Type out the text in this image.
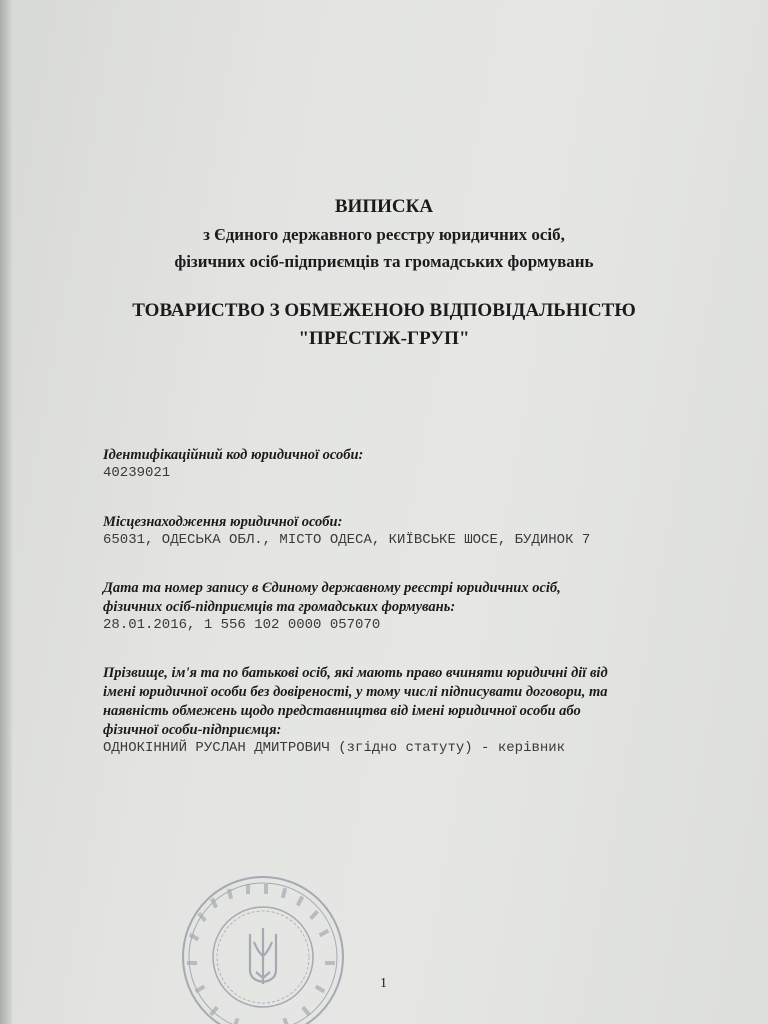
ВИПИСКА
з Єдиного державного реєстру юридичних осіб,
фізичних осіб-підприємців та громадських формувань
ТОВАРИСТВО З ОБМЕЖЕНОЮ ВІДПОВІДАЛЬНІСТЮ
"ПРЕСТІЖ-ГРУП"
Ідентифікаційний код юридичної особи:
40239021
Місцезнаходження юридичної особи:
65031, ОДЕСЬКА ОБЛ., МІСТО ОДЕСА, КИЇВСЬКЕ ШОСЕ, БУДИНОК 7
Дата та номер запису в Єдиному державному реєстрі юридичних осіб,
фізичних осіб-підприємців та громадських формувань:
28.01.2016, 1 556 102 0000 057070
Прізвище, ім'я та по батькові осіб, які мають право вчиняти юридичні дії від
імені юридичної особи без довіреності, у тому числі підписувати договори, та
наявність обмежень щодо представництва від імені юридичної особи або
фізичної особи-підприємця:
ОДНОКІННИЙ РУСЛАН ДМИТРОВИЧ (згідно статуту) - керівник
1
